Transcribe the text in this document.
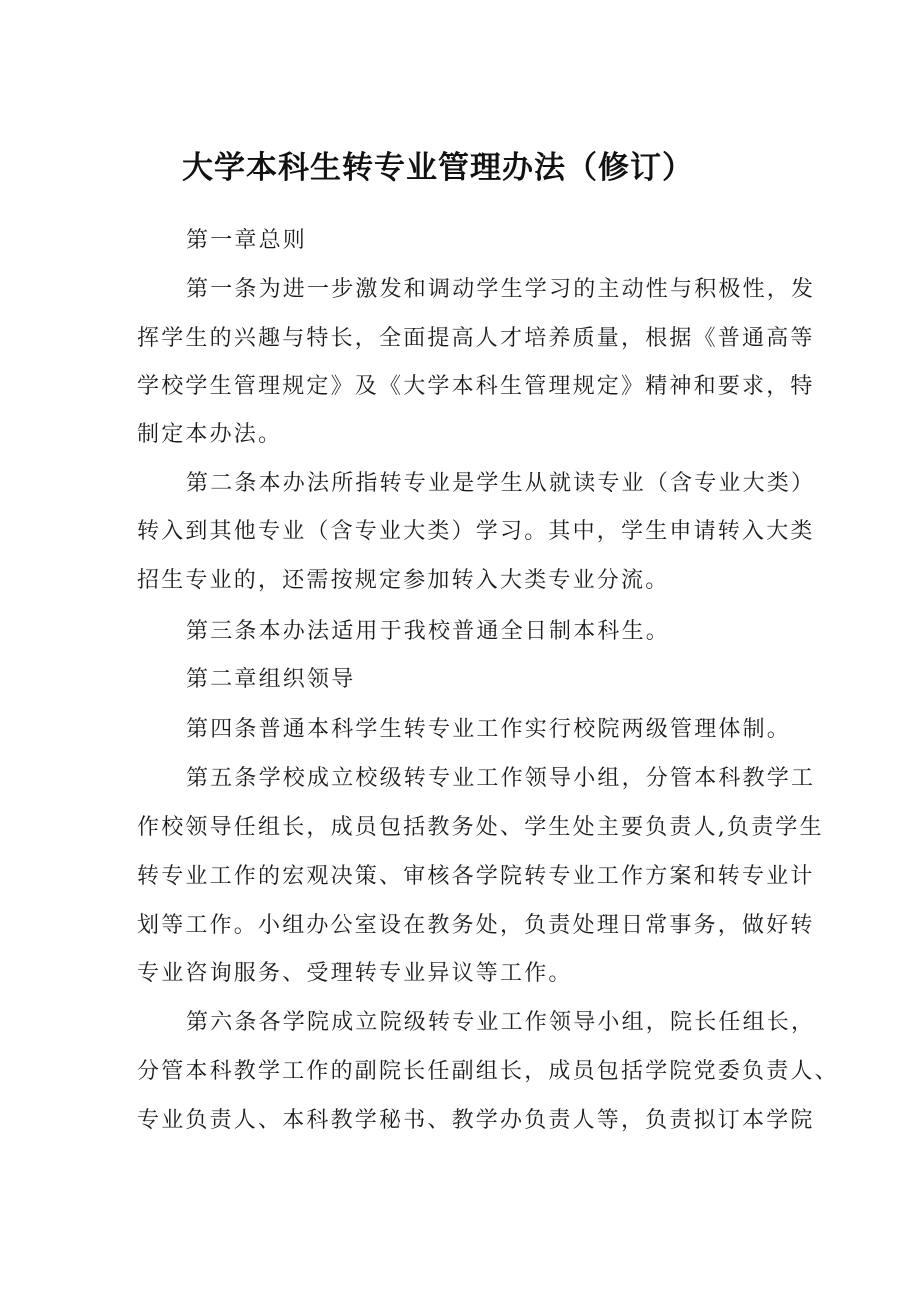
大学本科生转专业管理办法（修订）
第一章总则
第一条为进一步激发和调动学生学习的主动性与积极性，发
挥学生的兴趣与特长，全面提高人才培养质量，根据《普通高等
学校学生管理规定》及《大学本科生管理规定》精神和要求，特
制定本办法。
第二条本办法所指转专业是学生从就读专业（含专业大类）
转入到其他专业（含专业大类）学习。其中，学生申请转入大类
招生专业的，还需按规定参加转入大类专业分流。
第三条本办法适用于我校普通全日制本科生。
第二章组织领导
第四条普通本科学生转专业工作实行校院两级管理体制。
第五条学校成立校级转专业工作领导小组，分管本科教学工
作校领导任组长，成员包括教务处、学生处主要负责人,负责学生
转专业工作的宏观决策、审核各学院转专业工作方案和转专业计
划等工作。小组办公室设在教务处，负责处理日常事务，做好转
专业咨询服务、受理转专业异议等工作。
第六条各学院成立院级转专业工作领导小组，院长任组长，
分管本科教学工作的副院长任副组长，成员包括学院党委负责人、
专业负责人、本科教学秘书、教学办负责人等，负责拟订本学院
